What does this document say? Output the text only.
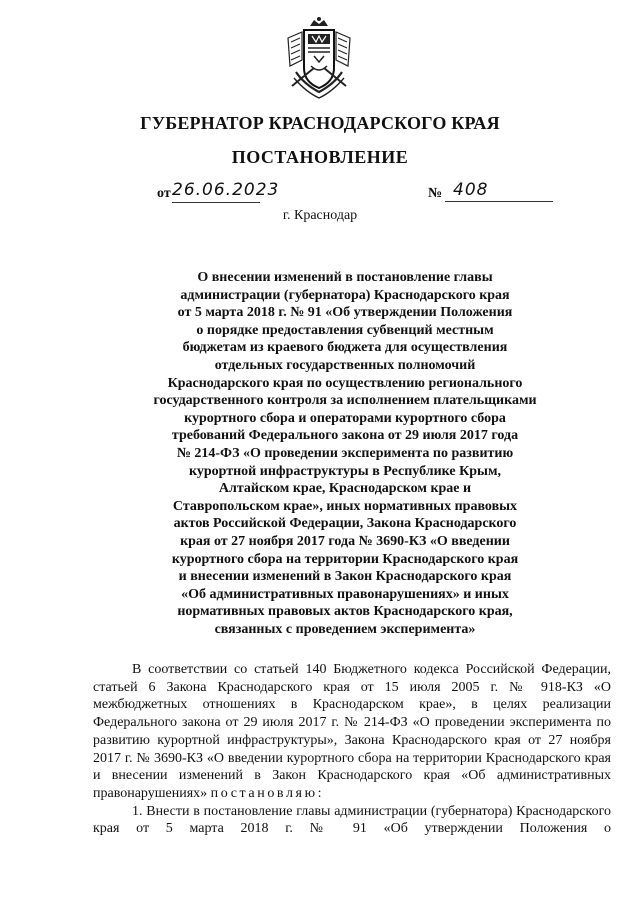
ГУБЕРНАТОР КРАСНОДАРСКОГО КРАЯ
ПОСТАНОВЛЕНИЕ
от 26.06.2023	№ 408
г. Краснодар
О внесении изменений в постановление главы
администрации (губернатора) Краснодарского края
от 5 марта 2018 г. № 91 «Об утверждении Положения
о порядке предоставления субвенций местным
бюджетам из краевого бюджета для осуществления
отдельных государственных полномочий
Краснодарского края по осуществлению регионального
государственного контроля за исполнением плательщиками
курортного сбора и операторами курортного сбора
требований Федерального закона от 29 июля 2017 года
№ 214-ФЗ «О проведении эксперимента по развитию
курортной инфраструктуры в Республике Крым,
Алтайском крае, Краснодарском крае и
Ставропольском крае», иных нормативных правовых
актов Российской Федерации, Закона Краснодарского
края от 27 ноября 2017 года № 3690-КЗ «О введении
курортного сбора на территории Краснодарского края
и внесении изменений в Закон Краснодарского края
«Об административных правонарушениях» и иных
нормативных правовых актов Краснодарского края,
связанных с проведением эксперимента»

В соответствии со статьей 140 Бюджетного кодекса Российской Федерации, статьей 6 Закона Краснодарского края от 15 июля 2005 г. № 918-КЗ «О межбюджетных отношениях в Краснодарском крае», в целях реализации Федерального закона от 29 июля 2017 г. № 214-ФЗ «О проведении эксперимента по развитию курортной инфраструктуры», Закона Краснодарского края от 27 ноября 2017 г. № 3690-КЗ «О введении курортного сбора на территории Краснодарского края и внесении изменений в Закон Краснодарского края «Об административных правонарушениях» постановляю:

1. Внести в постановление главы администрации (губернатора) Краснодарского края от 5 марта 2018 г. № 91 «Об утверждении Положения о
